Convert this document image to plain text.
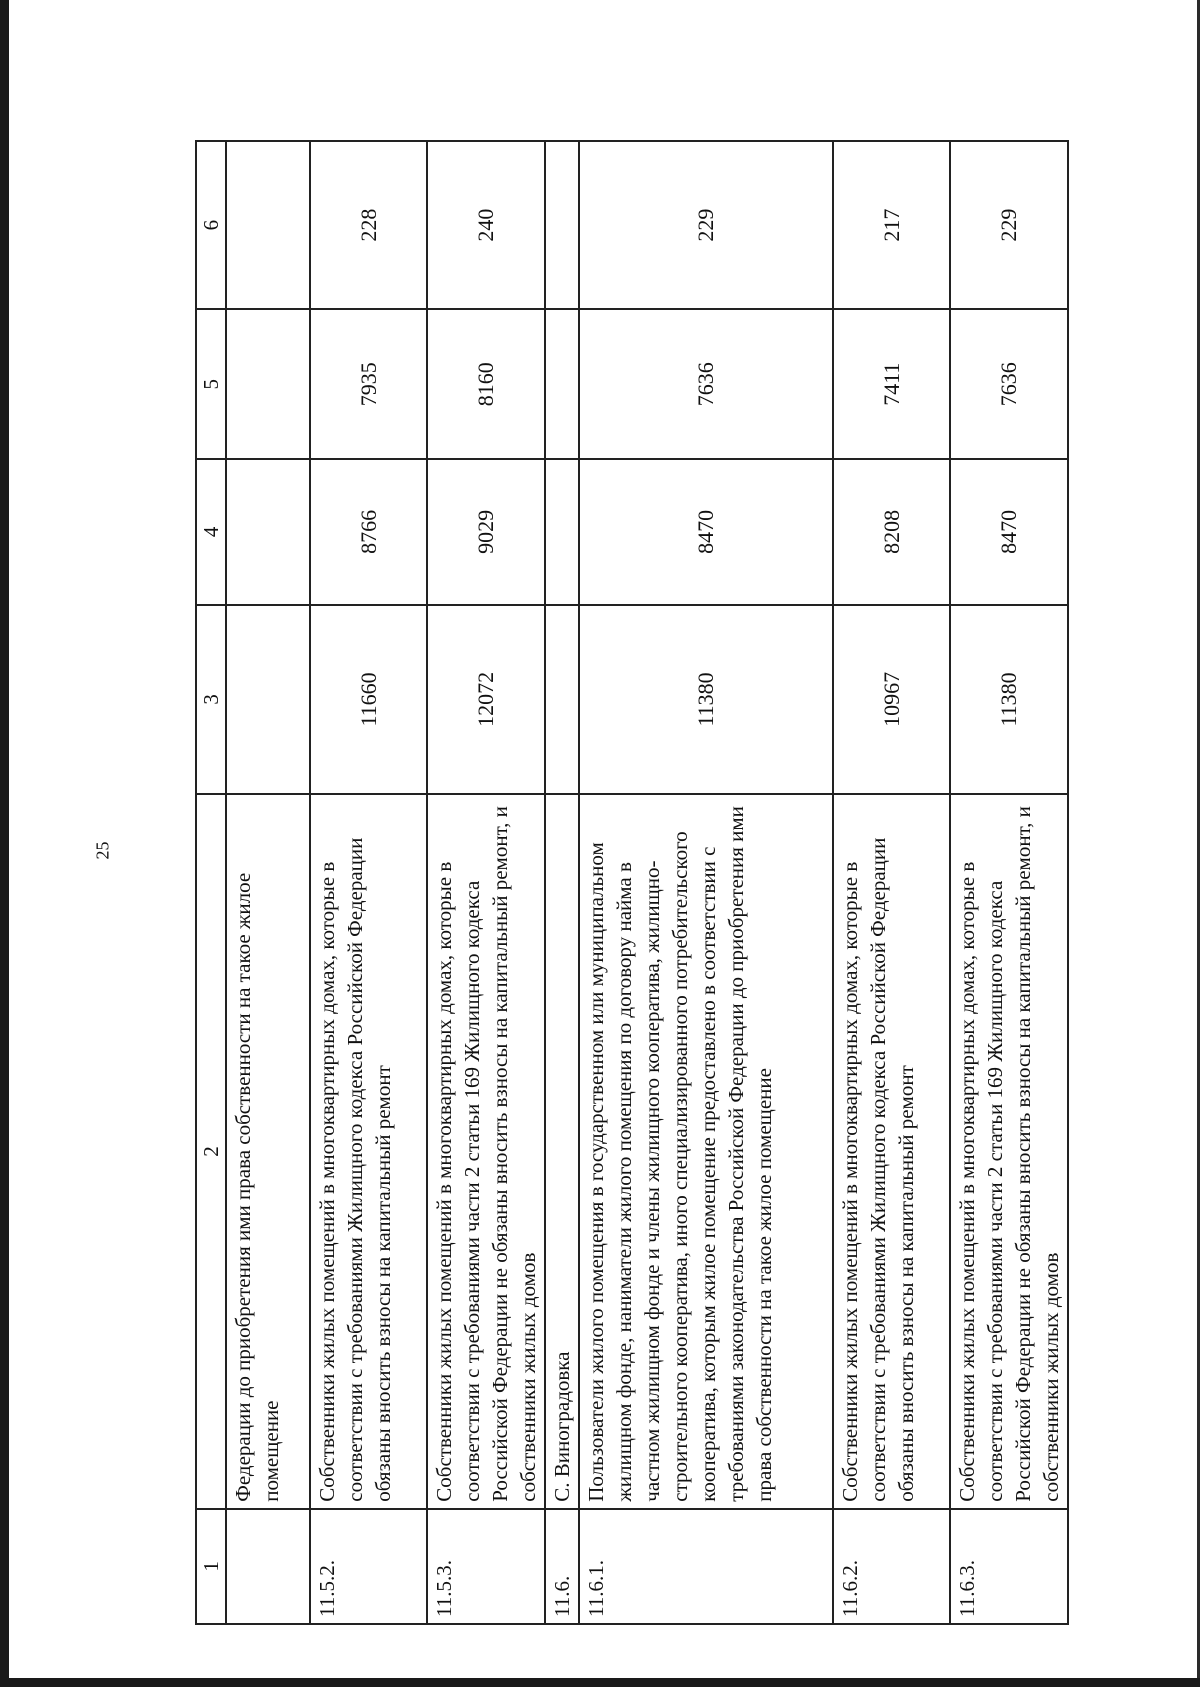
25
1	2	3	4	5	6
	Федерации до приобретения ими права собственности на такое жилое помещение				
11.5.2.	Собственники жилых помещений в многоквартирных домах, которые в соответствии с требованиями Жилищного кодекса Российской Федерации обязаны вносить взносы на капитальный ремонт	11660	8766	7935	228
11.5.3.	Собственники жилых помещений в многоквартирных домах, которые в соответствии с требованиями части 2 статьи 169 Жилищного кодекса Российской Федерации не обязаны вносить взносы на капитальный ремонт, и собственники жилых домов	12072	9029	8160	240
11.6.	С. Виноградовка				
11.6.1.	Пользователи жилого помещения в государственном или муниципальном жилищном фонде, наниматели жилого помещения по договору найма в частном жилищном фонде и члены жилищного кооператива, жилищно-строительного кооператива, иного специализированного потребительского кооператива, которым жилое помещение предоставлено в соответствии с требованиями законодательства Российской Федерации до приобретения ими права собственности на такое жилое помещение	11380	8470	7636	229
11.6.2.	Собственники жилых помещений в многоквартирных домах, которые в соответствии с требованиями Жилищного кодекса Российской Федерации обязаны вносить взносы на капитальный ремонт	10967	8208	7411	217
11.6.3.	Собственники жилых помещений в многоквартирных домах, которые в соответствии с требованиями части 2 статьи 169 Жилищного кодекса Российской Федерации не обязаны вносить взносы на капитальный ремонт, и собственники жилых домов	11380	8470	7636	229
